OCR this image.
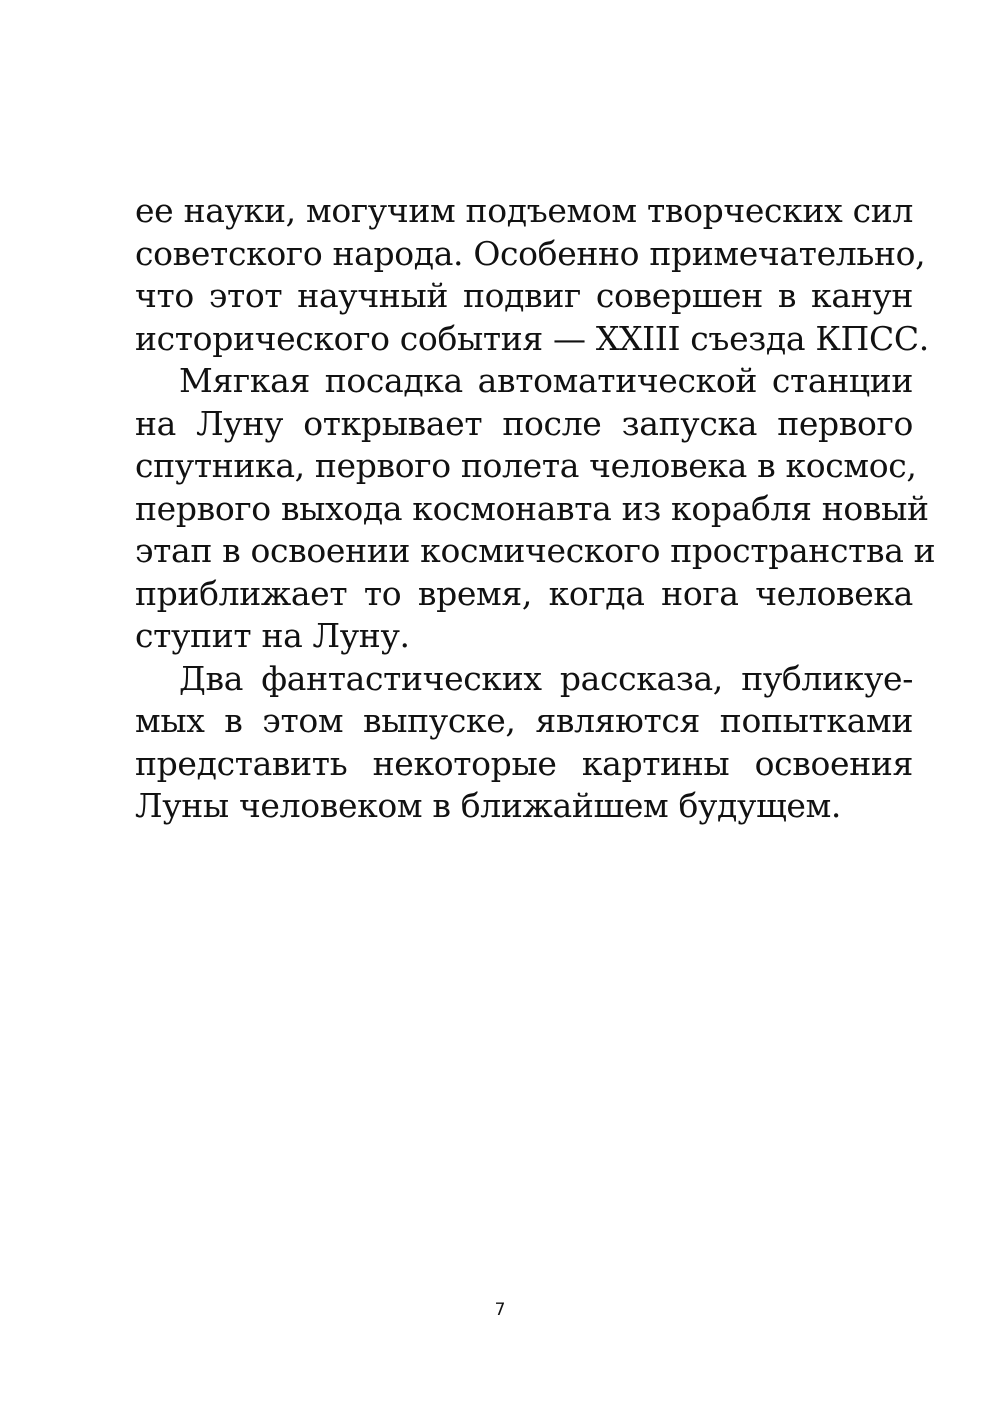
ее науки, могучим подъемом творческих сил
советского народа. Особенно примечательно,
что этот научный подвиг совершен в канун
исторического события — XXIII съезда КПСС.
Мягкая посадка автоматической станции
на Луну открывает после запуска первого
спутника, первого полета человека в космос,
первого выхода космонавта из корабля новый
этап в освоении космического пространства и
приближает то время, когда нога человека
ступит на Луну.
Два фантастических рассказа, публикуе-
мых в этом выпуске, являются попытками
представить некоторые картины освоения
Луны человеком в ближайшем будущем.
7
